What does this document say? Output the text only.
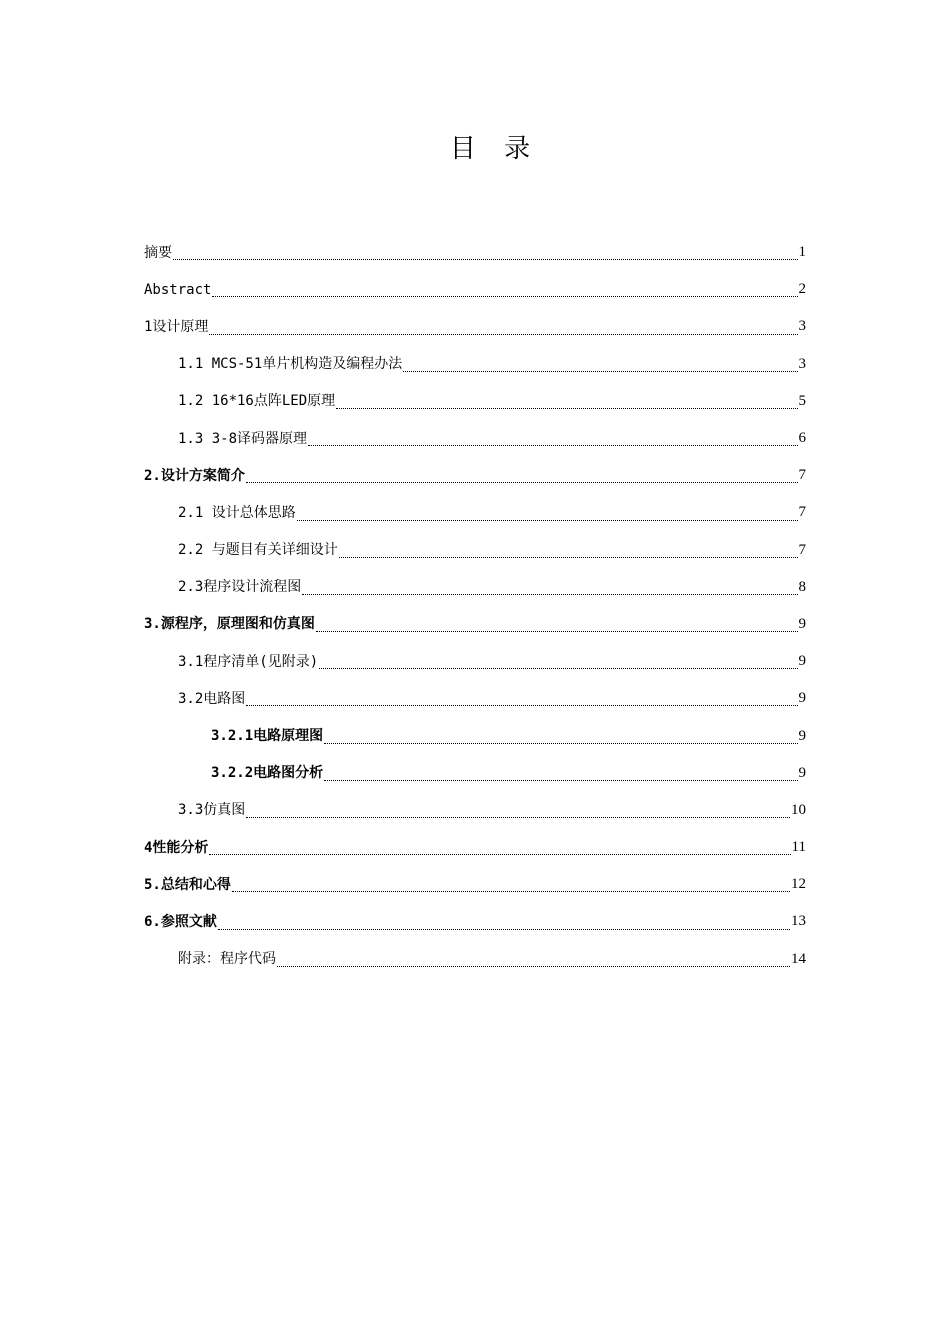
目 录
摘要	1
Abstract	2
1设计原理	3
1.1 MCS-51单片机构造及编程办法	3
1.2 16*16点阵LED原理	5
1.3 3-8译码器原理	6
2.设计方案简介	7
2.1 设计总体思路	7
2.2 与题目有关详细设计	7
2.3程序设计流程图	8
3.源程序，原理图和仿真图	9
3.1程序清单(见附录)	9
3.2电路图	9
3.2.1电路原理图	9
3.2.2电路图分析	9
3.3仿真图	10
4性能分析	11
5.总结和心得	12
6.参照文献	13
附录：程序代码	14
